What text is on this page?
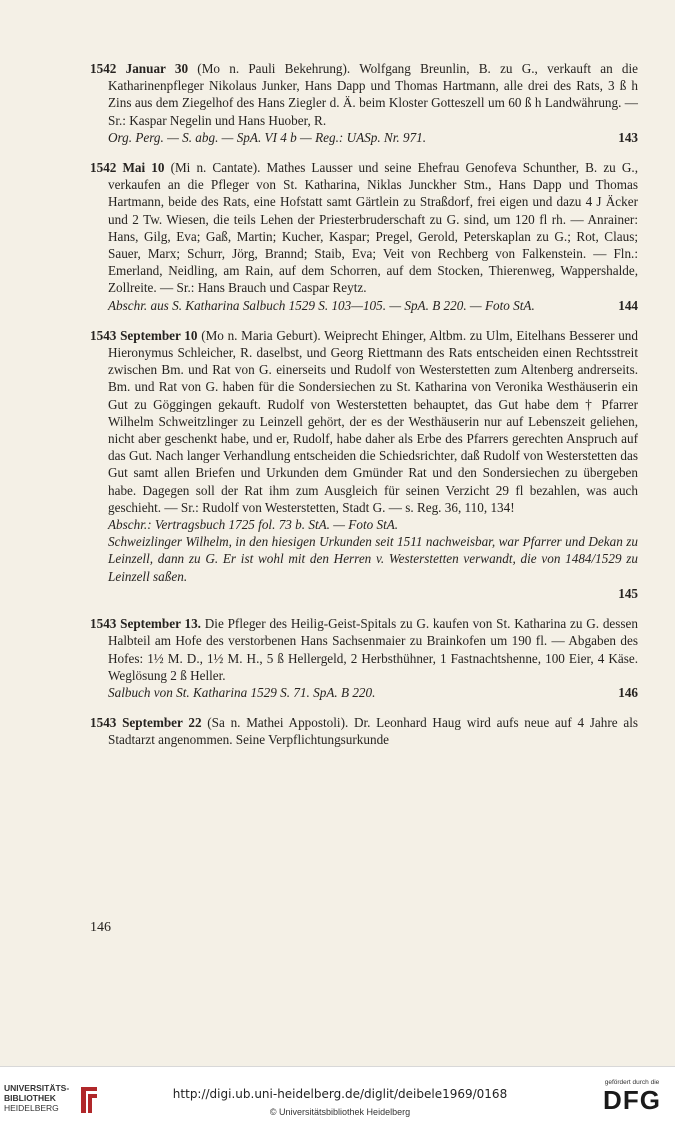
1542 Januar 30 (Mo n. Pauli Bekehrung). Wolfgang Breunlin, B. zu G., verkauft an die Katharinenpfleger Nikolaus Junker, Hans Dapp und Thomas Hartmann, alle drei des Rats, 3 ß h Zins aus dem Ziegelhof des Hans Ziegler d. Ä. beim Kloster Gotteszell um 60 ß h Landwährung. — Sr.: Kaspar Negelin und Hans Huober, R.

143
Org. Perg. — S. abg. — SpA. VI 4 b — Reg.: UASp. Nr. 971.

1542 Mai 10 (Mi n. Cantate). Mathes Lausser und seine Ehefrau Genofeva Schunther, B. zu G., verkaufen an die Pfleger von St. Katharina, Niklas Junckher Stm., Hans Dapp und Thomas Hartmann, beide des Rats, eine Hofstatt samt Gärtlein zu Straßdorf, frei eigen und dazu 4 J Äcker und 2 Tw. Wiesen, die teils Lehen der Priesterbruderschaft zu G. sind, um 120 fl rh. — Anrainer: Hans, Gilg, Eva; Gaß, Martin; Kucher, Kaspar; Pregel, Gerold, Peterskaplan zu G.; Rot, Claus; Sauer, Marx; Schurr, Jörg, Brannd; Staib, Eva; Veit von Rechberg von Falkenstein. — Fln.: Emerland, Neidling, am Rain, auf dem Schorren, auf dem Stocken, Thierenweg, Wappershalde, Zollreite. — Sr.: Hans Brauch und Caspar Reytz.

144
Abschr. aus S. Katharina Salbuch 1529 S. 103—105. — SpA. B 220. — Foto StA.

1543 September 10 (Mo n. Maria Geburt). Weiprecht Ehinger, Altbm. zu Ulm, Eitelhans Besserer und Hieronymus Schleicher, R. daselbst, und Georg Riettmann des Rats entscheiden einen Rechtsstreit zwischen Bm. und Rat von G. einerseits und Rudolf von Westerstetten zum Altenberg andrerseits. Bm. und Rat von G. haben für die Sondersiechen zu St. Katharina von Veronika Westhäuserin ein Gut zu Göggingen gekauft. Rudolf von Westerstetten behauptet, das Gut habe dem † Pfarrer Wilhelm Schweitzlinger zu Leinzell gehört, der es der Westhäuserin nur auf Lebenszeit geliehen, nicht aber geschenkt habe, und er, Rudolf, habe daher als Erbe des Pfarrers gerechten Anspruch auf das Gut. Nach langer Verhandlung entscheiden die Schiedsrichter, daß Rudolf von Westerstetten das Gut samt allen Briefen und Urkunden dem Gmünder Rat und den Sondersiechen zu übergeben habe. Dagegen soll der Rat ihm zum Ausgleich für seinen Verzicht 29 fl bezahlen, was auch geschieht. — Sr.: Rudolf von Westerstetten, Stadt G. — s. Reg. 36, 110, 134!

Abschr.: Vertragsbuch 1725 fol. 73 b. StA. — Foto StA.
Schweizlinger Wilhelm, in den hiesigen Urkunden seit 1511 nachweisbar, war Pfarrer und Dekan zu Leinzell, dann zu G. Er ist wohl mit den Herren v. Westerstetten verwandt, die von 1484/1529 zu Leinzell saßen.
145

1543 September 13. Die Pfleger des Heilig-Geist-Spitals zu G. kaufen von St. Katharina zu G. dessen Halbteil am Hofe des verstorbenen Hans Sachsenmaier zu Brainkofen um 190 fl. — Abgaben des Hofes: 1½ M. D., 1½ M. H., 5 ß Hellergeld, 2 Herbsthühner, 1 Fastnachtshenne, 100 Eier, 4 Käse. Weglösung 2 ß Heller.

146
Salbuch von St. Katharina 1529 S. 71. SpA. B 220.

1543 September 22 (Sa n. Mathei Appostoli). Dr. Leonhard Haug wird aufs neue auf 4 Jahre als Stadtarzt angenommen. Seine Verpflichtungsurkunde

146
UNIVERSITÄTS-
BIBLIOTHEK
HEIDELBERG
http://digi.ub.uni-heidelberg.de/diglit/deibele1969/0168
© Universitätsbibliothek Heidelberg
gefördert durch die
DFG
